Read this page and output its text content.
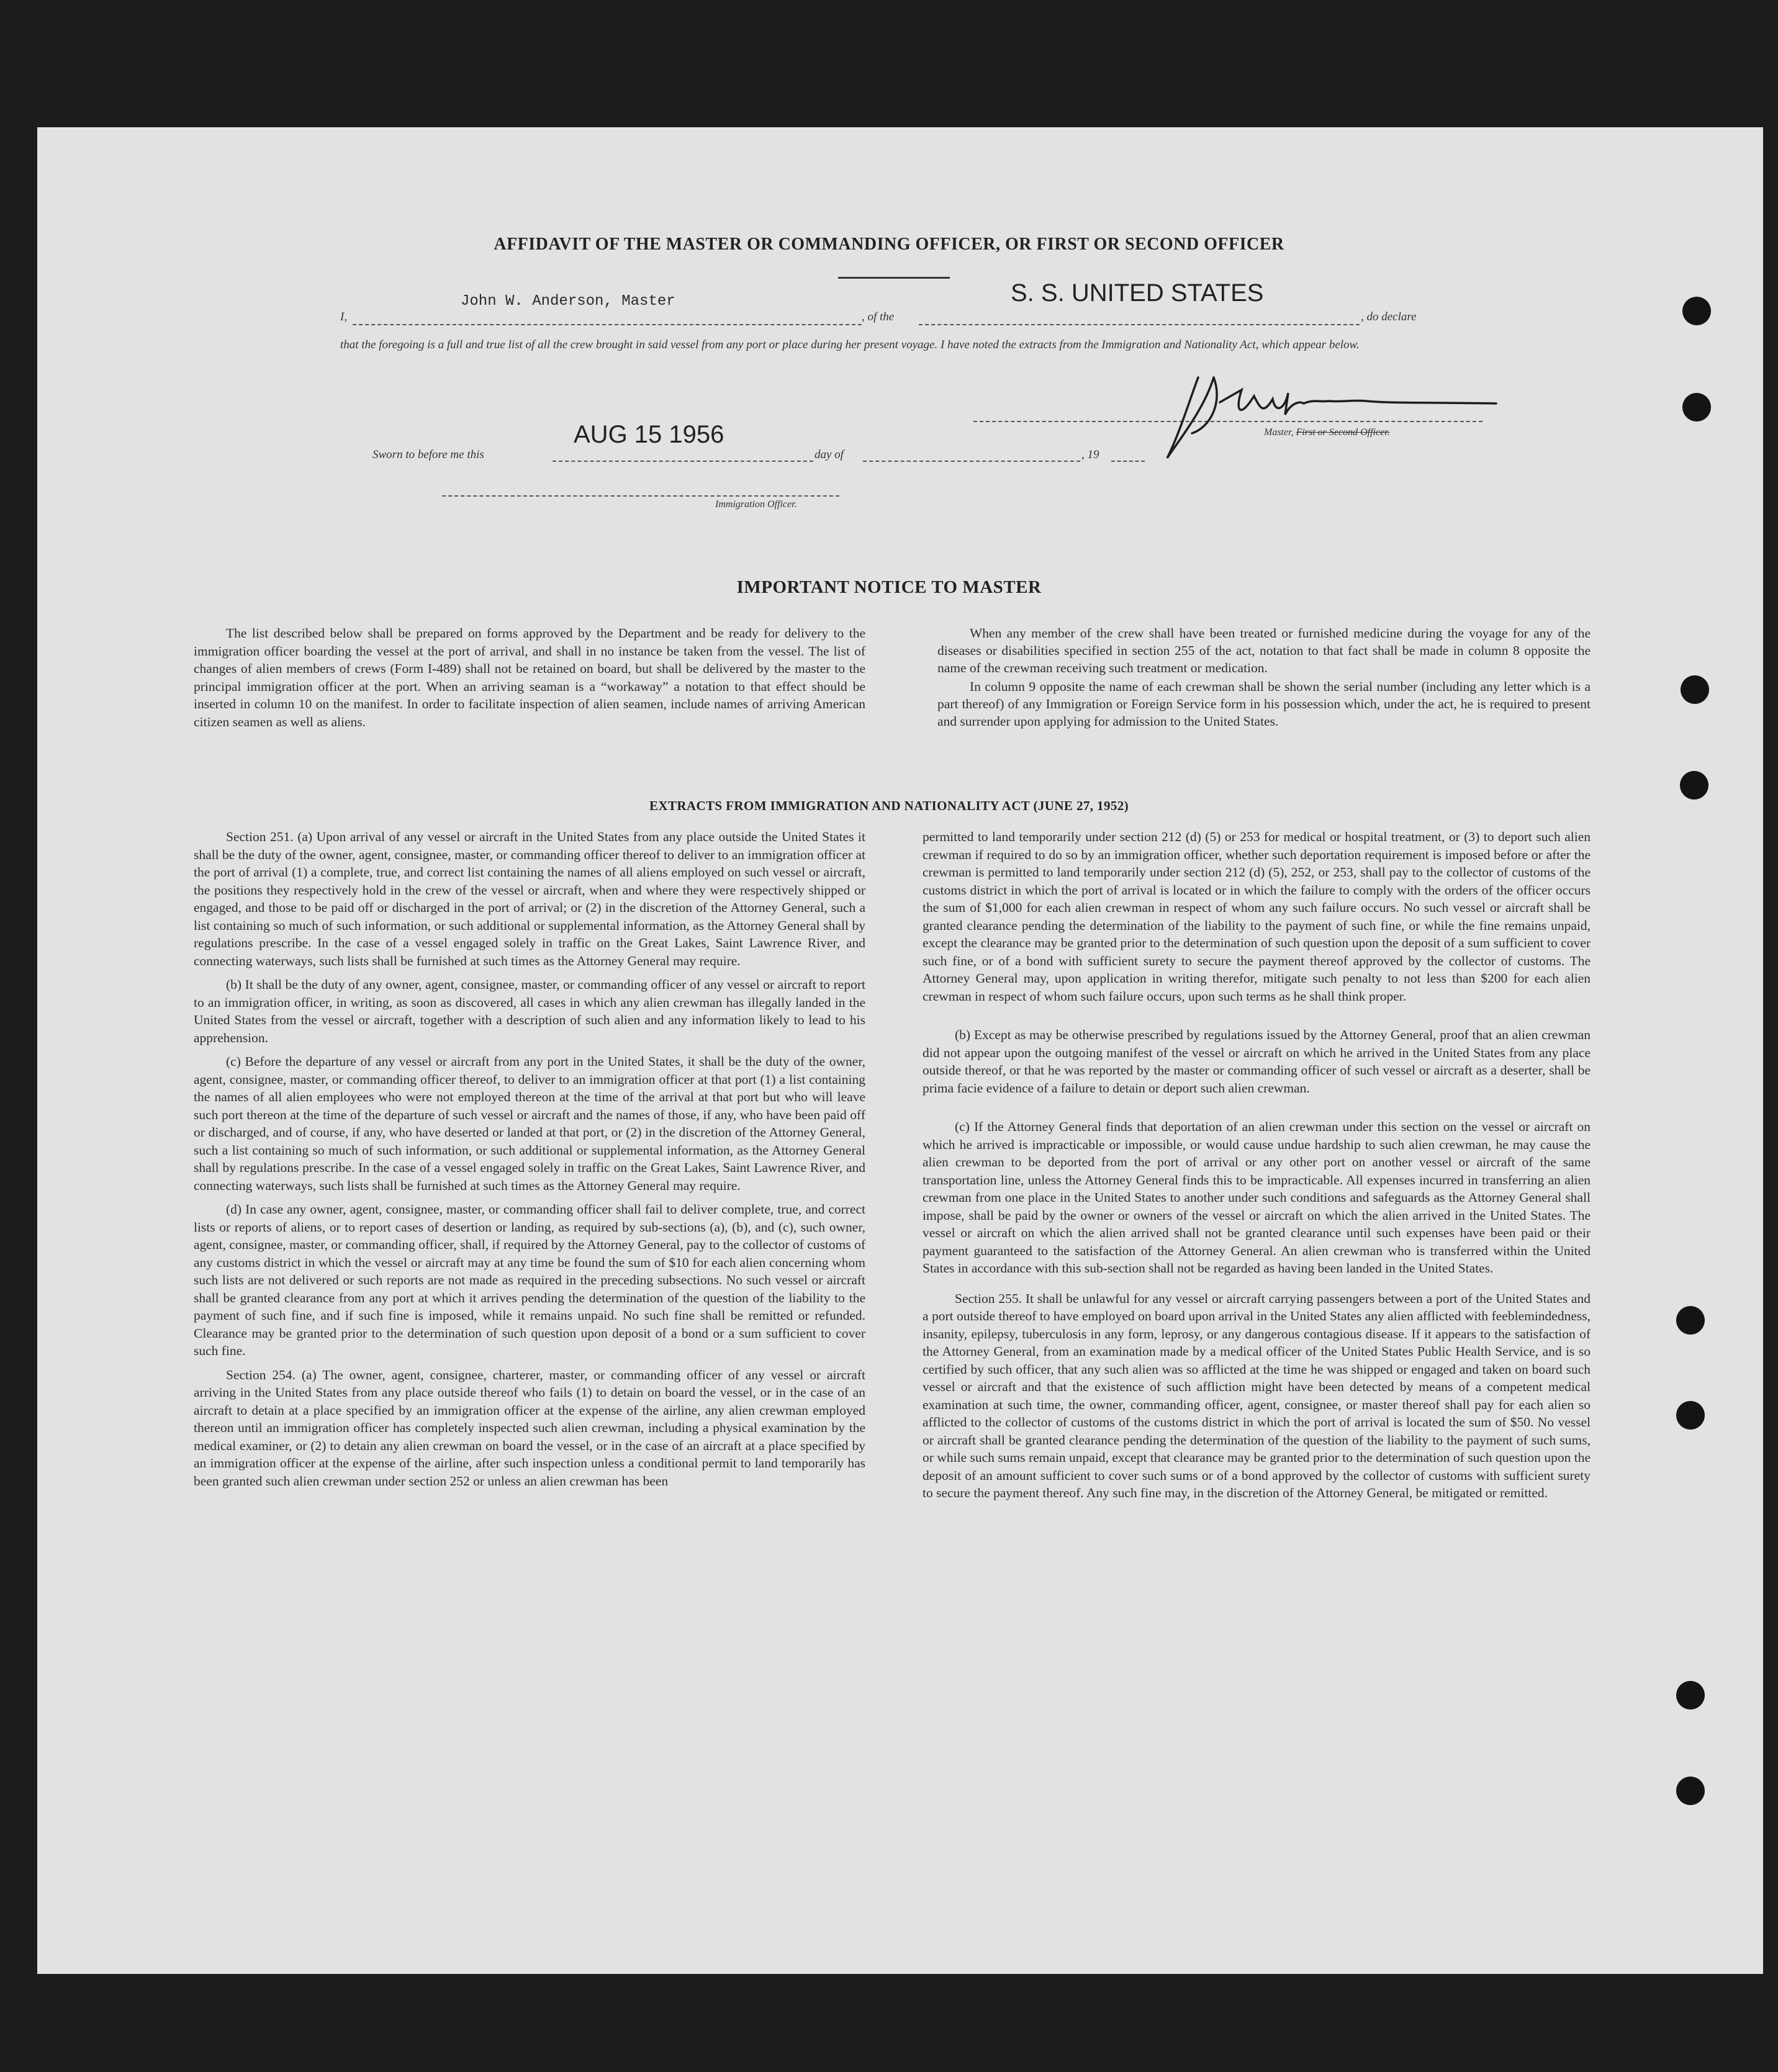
AFFIDAVIT OF THE MASTER OR COMMANDING OFFICER, OR FIRST OR SECOND OFFICER
I,
John W. Anderson, Master
, of the
S. S. UNITED STATES
, do declare
that the foregoing is a full and true list of all the crew brought in said vessel from any port or place during her present voyage. I have noted the extracts from the Immigration and Nationality Act, which appear below.
Master, First or Second Officer.
Sworn to before me this
AUG 15 1956
day of	, 19
Immigration Officer.
IMPORTANT NOTICE TO MASTER

The list described below shall be prepared on forms approved by the Department and be ready for delivery to the immigration officer boarding the vessel at the port of arrival, and shall in no instance be taken from the vessel. The list of changes of alien members of crews (Form I-489) shall not be retained on board, but shall be delivered by the master to the principal immigration officer at the port. When an arriving seaman is a “workaway” a notation to that effect should be inserted in column 10 on the manifest. In order to facilitate inspection of alien seamen, include names of arriving American citizen seamen as well as aliens.

When any member of the crew shall have been treated or furnished medicine during the voyage for any of the diseases or disabilities specified in section 255 of the act, notation to that fact shall be made in column 8 opposite the name of the crewman receiving such treatment or medication.

In column 9 opposite the name of each crewman shall be shown the serial number (including any letter which is a part thereof) of any Immigration or Foreign Service form in his possession which, under the act, he is required to present and surrender upon applying for admission to the United States.

EXTRACTS FROM IMMIGRATION AND NATIONALITY ACT (JUNE 27, 1952)

Section 251. (a) Upon arrival of any vessel or aircraft in the United States from any place outside the United States it shall be the duty of the owner, agent, consignee, master, or commanding officer thereof to deliver to an immigration officer at the port of arrival (1) a complete, true, and correct list containing the names of all aliens employed on such vessel or aircraft, the positions they respectively hold in the crew of the vessel or aircraft, when and where they were respectively shipped or engaged, and those to be paid off or discharged in the port of arrival; or (2) in the discretion of the Attorney General, such a list containing so much of such information, or such additional or supplemental information, as the Attorney General shall by regulations prescribe. In the case of a vessel engaged solely in traffic on the Great Lakes, Saint Lawrence River, and connecting waterways, such lists shall be furnished at such times as the Attorney General may require.

(b) It shall be the duty of any owner, agent, consignee, master, or commanding officer of any vessel or aircraft to report to an immigration officer, in writing, as soon as discovered, all cases in which any alien crewman has illegally landed in the United States from the vessel or aircraft, together with a description of such alien and any information likely to lead to his apprehension.

(c) Before the departure of any vessel or aircraft from any port in the United States, it shall be the duty of the owner, agent, consignee, master, or commanding officer thereof, to deliver to an immigration officer at that port (1) a list containing the names of all alien employees who were not employed thereon at the time of the arrival at that port but who will leave such port thereon at the time of the departure of such vessel or aircraft and the names of those, if any, who have been paid off or discharged, and of course, if any, who have deserted or landed at that port, or (2) in the discretion of the Attorney General, such a list containing so much of such information, or such additional or supplemental information, as the Attorney General shall by regulations prescribe. In the case of a vessel engaged solely in traffic on the Great Lakes, Saint Lawrence River, and connecting waterways, such lists shall be furnished at such times as the Attorney General may require.

(d) In case any owner, agent, consignee, master, or commanding officer shall fail to deliver complete, true, and correct lists or reports of aliens, or to report cases of desertion or landing, as required by sub-sections (a), (b), and (c), such owner, agent, consignee, master, or commanding officer, shall, if required by the Attorney General, pay to the collector of customs of any customs district in which the vessel or aircraft may at any time be found the sum of $10 for each alien concerning whom such lists are not delivered or such reports are not made as required in the preceding subsections. No such vessel or aircraft shall be granted clearance from any port at which it arrives pending the determination of the question of the liability to the payment of such fine, and if such fine is imposed, while it remains unpaid. No such fine shall be remitted or refunded. Clearance may be granted prior to the determination of such question upon deposit of a bond or a sum sufficient to cover such fine.

Section 254. (a) The owner, agent, consignee, charterer, master, or commanding officer of any vessel or aircraft arriving in the United States from any place outside thereof who fails (1) to detain on board the vessel, or in the case of an aircraft to detain at a place specified by an immigration officer at the expense of the airline, any alien crewman employed thereon until an immigration officer has completely inspected such alien crewman, including a physical examination by the medical examiner, or (2) to detain any alien crewman on board the vessel, or in the case of an aircraft at a place specified by an immigration officer at the expense of the airline, after such inspection unless a conditional permit to land temporarily has been granted such alien crewman under section 252 or unless an alien crewman has been

permitted to land temporarily under section 212 (d) (5) or 253 for medical or hospital treatment, or (3) to deport such alien crewman if required to do so by an immigration officer, whether such deportation requirement is imposed before or after the crewman is permitted to land temporarily under section 212 (d) (5), 252, or 253, shall pay to the collector of customs of the customs district in which the port of arrival is located or in which the failure to comply with the orders of the officer occurs the sum of $1,000 for each alien crewman in respect of whom any such failure occurs. No such vessel or aircraft shall be granted clearance pending the determination of the liability to the payment of such fine, or while the fine remains unpaid, except the clearance may be granted prior to the determination of such question upon the deposit of a sum sufficient to cover such fine, or of a bond with sufficient surety to secure the payment thereof approved by the collector of customs. The Attorney General may, upon application in writing therefor, mitigate such penalty to not less than $200 for each alien crewman in respect of whom such failure occurs, upon such terms as he shall think proper.

(b) Except as may be otherwise prescribed by regulations issued by the Attorney General, proof that an alien crewman did not appear upon the outgoing manifest of the vessel or aircraft on which he arrived in the United States from any place outside thereof, or that he was reported by the master or commanding officer of such vessel or aircraft as a deserter, shall be prima facie evidence of a failure to detain or deport such alien crewman.

(c) If the Attorney General finds that deportation of an alien crewman under this section on the vessel or aircraft on which he arrived is impracticable or impossible, or would cause undue hardship to such alien crewman, he may cause the alien crewman to be deported from the port of arrival or any other port on another vessel or aircraft of the same transportation line, unless the Attorney General finds this to be impracticable. All expenses incurred in transferring an alien crewman from one place in the United States to another under such conditions and safeguards as the Attorney General shall impose, shall be paid by the owner or owners of the vessel or aircraft on which the alien arrived in the United States. The vessel or aircraft on which the alien arrived shall not be granted clearance until such expenses have been paid or their payment guaranteed to the satisfaction of the Attorney General. An alien crewman who is transferred within the United States in accordance with this sub-section shall not be regarded as having been landed in the United States.

Section 255. It shall be unlawful for any vessel or aircraft carrying passengers between a port of the United States and a port outside thereof to have employed on board upon arrival in the United States any alien afflicted with feeblemindedness, insanity, epilepsy, tuberculosis in any form, leprosy, or any dangerous contagious disease. If it appears to the satisfaction of the Attorney General, from an examination made by a medical officer of the United States Public Health Service, and is so certified by such officer, that any such alien was so afflicted at the time he was shipped or engaged and taken on board such vessel or aircraft and that the existence of such affliction might have been detected by means of a competent medical examination at such time, the owner, commanding officer, agent, consignee, or master thereof shall pay for each alien so afflicted to the collector of customs of the customs district in which the port of arrival is located the sum of $50. No vessel or aircraft shall be granted clearance pending the determination of the question of the liability to the payment of such sums, or while such sums remain unpaid, except that clearance may be granted prior to the determination of such question upon the deposit of an amount sufficient to cover such sums or of a bond approved by the collector of customs with sufficient surety to secure the payment thereof. Any such fine may, in the discretion of the Attorney General, be mitigated or remitted.
